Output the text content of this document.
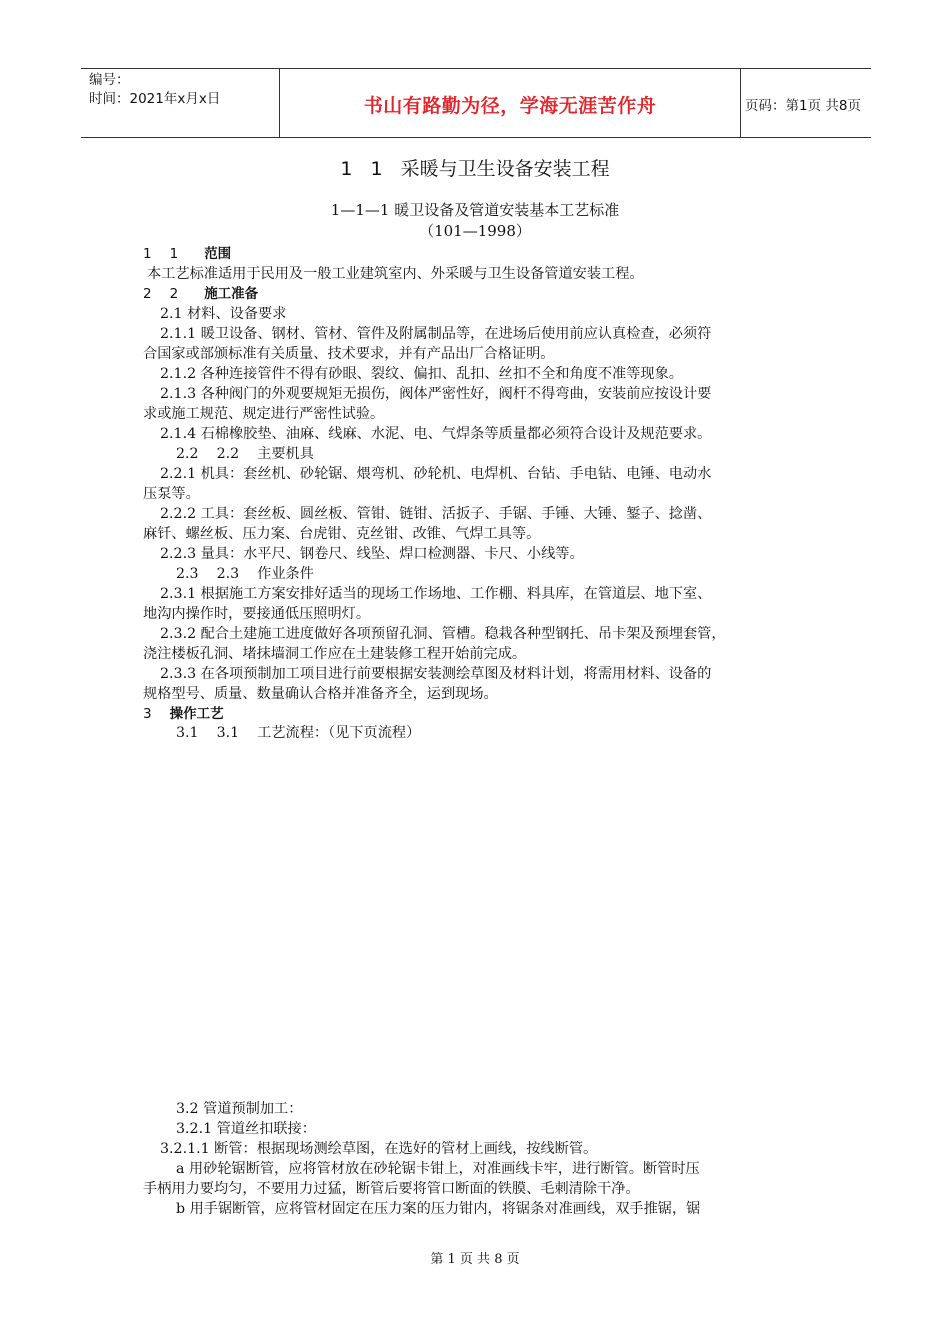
编号：
时间：2021年x月x日	书山有路勤为径，学海无涯苦作舟	页码：第1页 共8页
1 1 采暖与卫生设备安装工程
1—1—1 暖卫设备及管道安装基本工艺标准
（101—1998）
1 1 范围
本工艺标准适用于民用及一般工业建筑室内、外采暖与卫生设备管道安装工程。
2 2 施工准备
2.1 材料、设备要求
2.1.1 暖卫设备、钢材、管材、管件及附属制品等，在进场后使用前应认真检查，必须符
合国家或部颁标准有关质量、技术要求，并有产品出厂合格证明。
2.1.2 各种连接管件不得有砂眼、裂纹、偏扣、乱扣、丝扣不全和角度不准等现象。
2.1.3 各种阀门的外观要规矩无损伤，阀体严密性好，阀杆不得弯曲，安装前应按设计要
求或施工规范、规定进行严密性试验。
2.1.4 石棉橡胶垫、油麻、线麻、水泥、电、气焊条等质量都必须符合设计及规范要求。
2.2 2.2 主要机具
2.2.1 机具：套丝机、砂轮锯、煨弯机、砂轮机、电焊机、台钻、手电钻、电锤、电动水
压泵等。
2.2.2 工具：套丝板、圆丝板、管钳、链钳、活扳子、手锯、手锤、大锤、錾子、捻凿、
麻钎、螺丝板、压力案、台虎钳、克丝钳、改锥、气焊工具等。
2.2.3 量具：水平尺、钢卷尺、线坠、焊口检测器、卡尺、小线等。
2.3 2.3 作业条件
2.3.1 根据施工方案安排好适当的现场工作场地、工作棚、料具库，在管道层、地下室、
地沟内操作时，要接通低压照明灯。
2.3.2 配合土建施工进度做好各项预留孔洞、管槽。稳栽各种型钢托、吊卡架及预埋套管，
浇注楼板孔洞、堵抹墙洞工作应在土建装修工程开始前完成。
2.3.3 在各项预制加工项目进行前要根据安装测绘草图及材料计划，将需用材料、设备的
规格型号、质量、数量确认合格并准备齐全，运到现场。
3 操作工艺
3.1 3.1 工艺流程：（见下页流程）
3.2 管道预制加工：
3.2.1 管道丝扣联接：
3.2.1.1 断管：根据现场测绘草图，在选好的管材上画线，按线断管。
a 用砂轮锯断管，应将管材放在砂轮锯卡钳上，对准画线卡牢，进行断管。断管时压
手柄用力要均匀，不要用力过猛，断管后要将管口断面的铁膜、毛刺清除干净。
b 用手锯断管，应将管材固定在压力案的压力钳内，将锯条对准画线，双手推锯，锯
第 1 页 共 8 页
